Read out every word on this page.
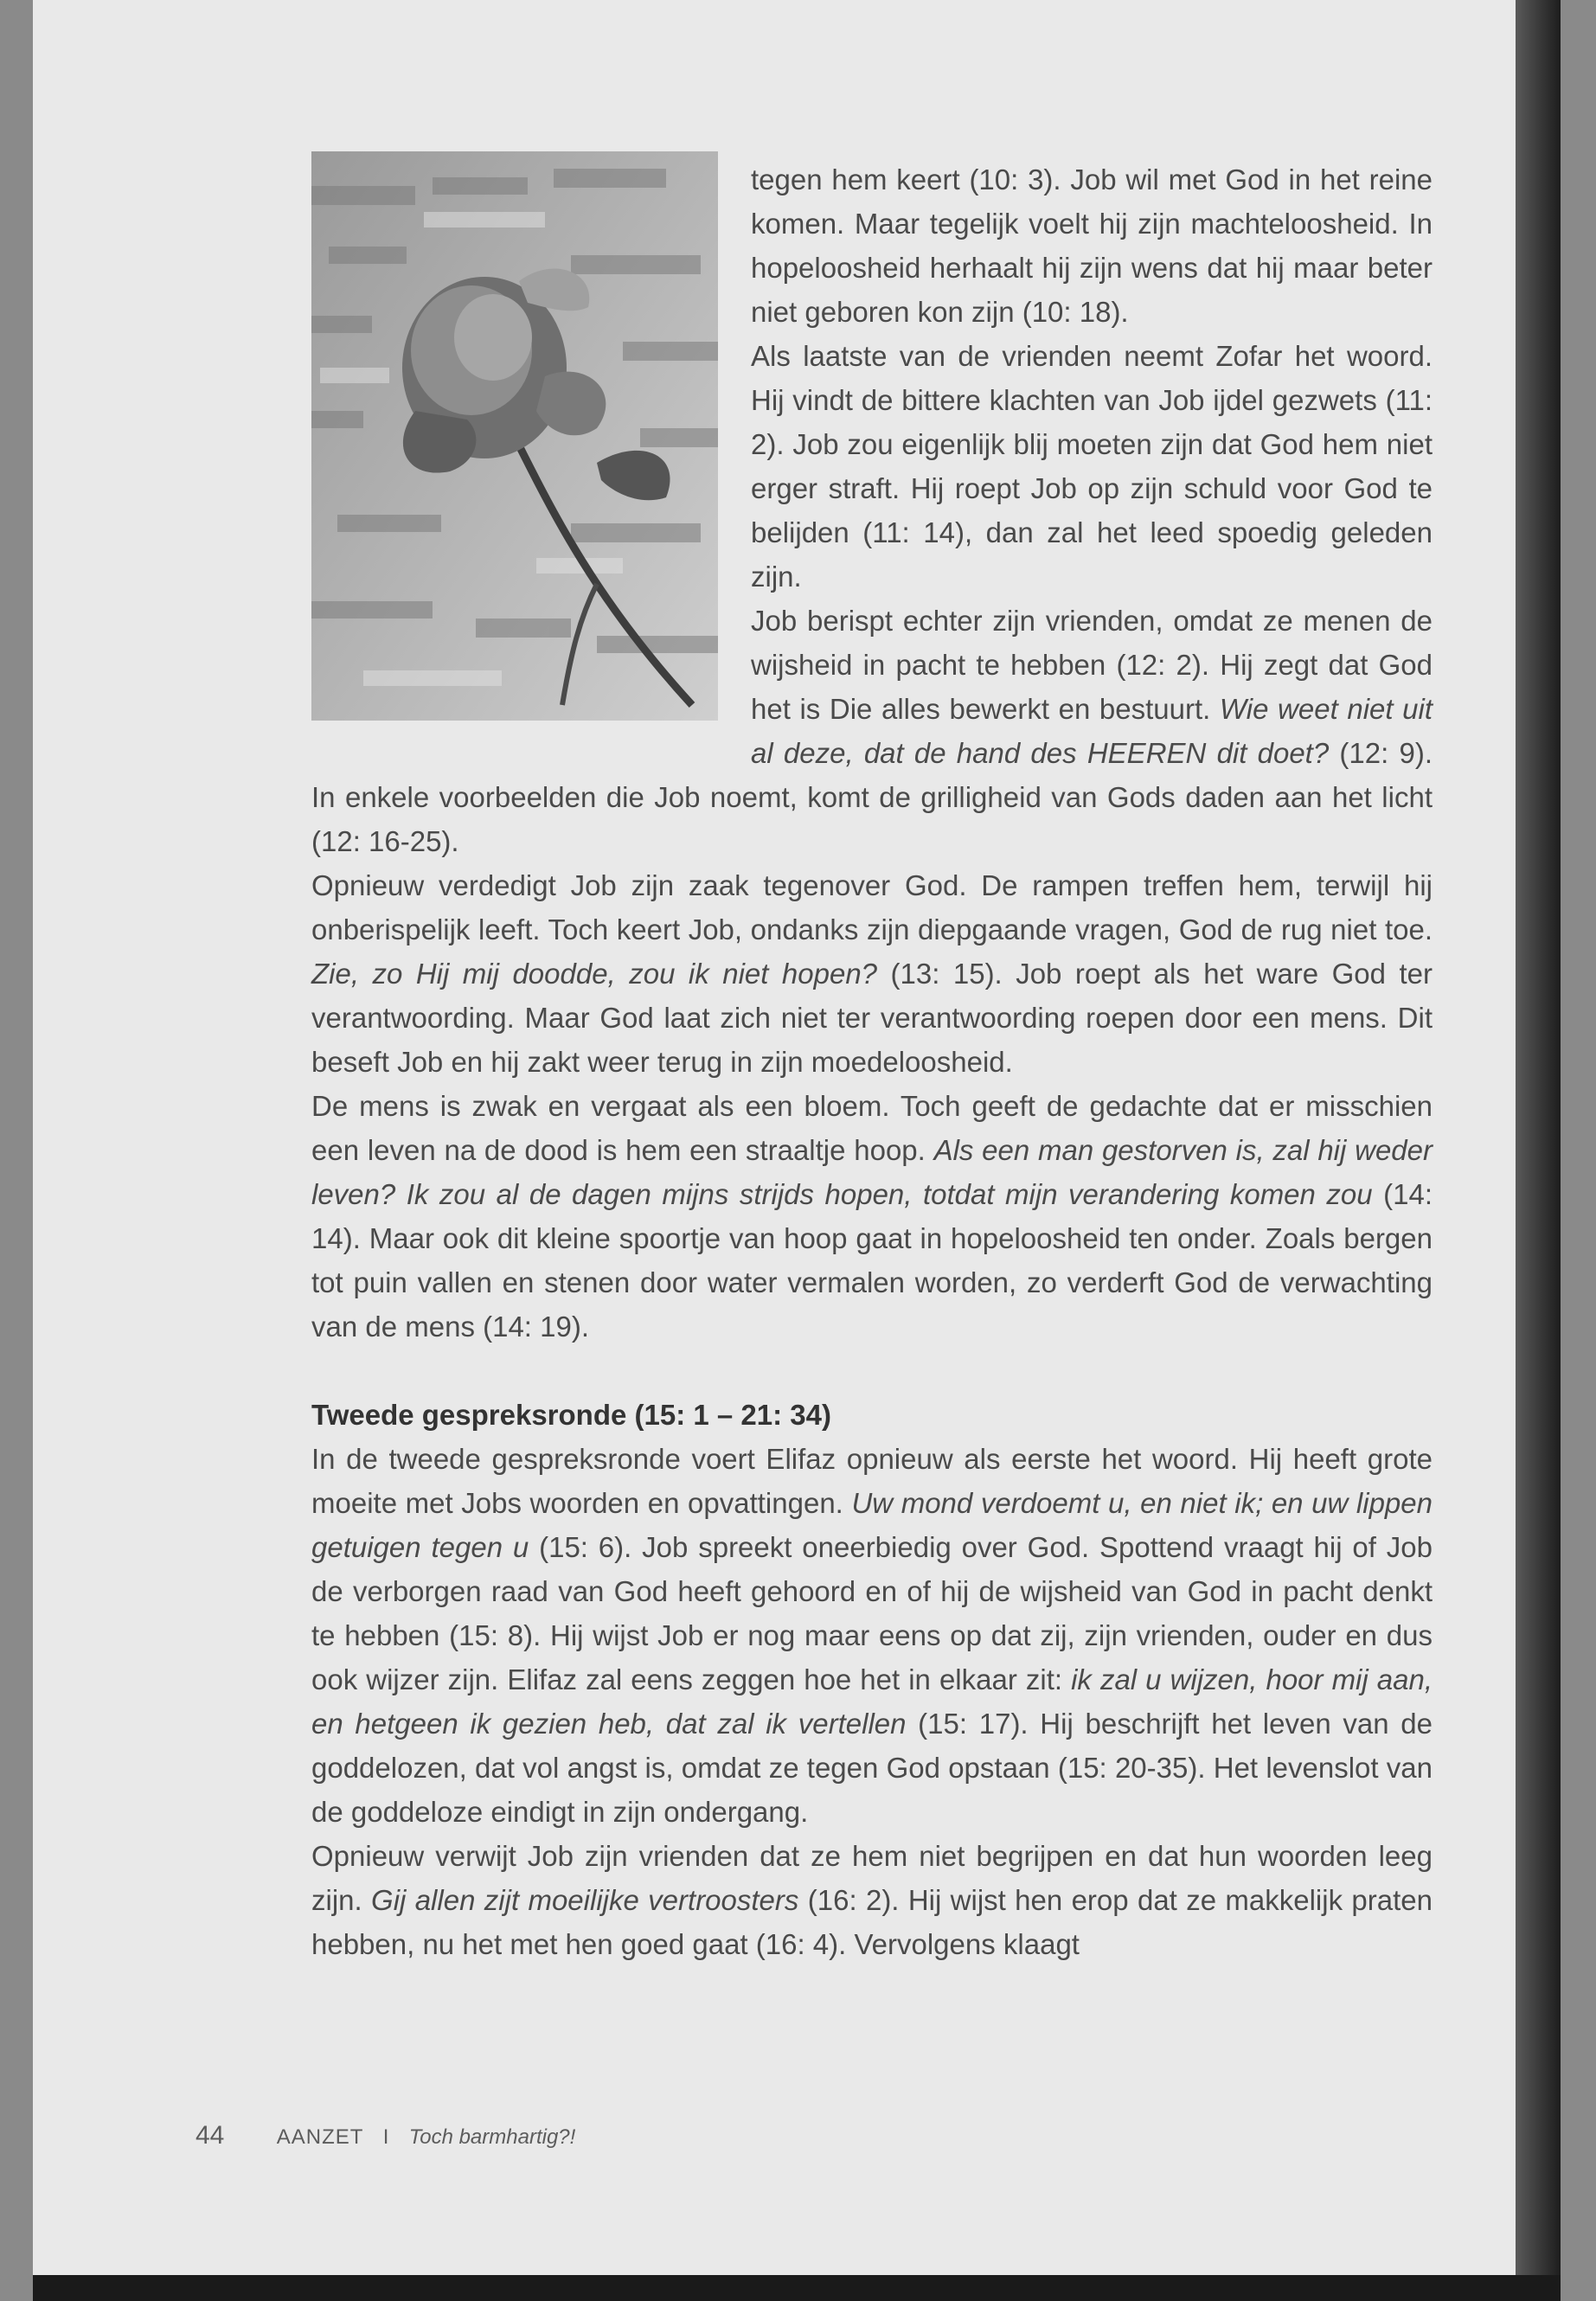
tegen hem keert (10: 3). Job wil met God in het reine komen. Maar tegelijk voelt hij zijn machteloosheid. In hopeloosheid herhaalt hij zijn wens dat hij maar beter niet geboren kon zijn (10: 18).

Als laatste van de vrienden neemt Zofar het woord. Hij vindt de bittere klachten van Job ijdel gezwets (11: 2). Job zou eigenlijk blij moeten zijn dat God hem niet erger straft. Hij roept Job op zijn schuld voor God te belijden (11: 14), dan zal het leed spoedig geleden zijn.

Job berispt echter zijn vrienden, omdat ze menen de wijsheid in pacht te hebben (12: 2). Hij zegt dat God het is Die alles bewerkt en bestuurt. Wie weet niet uit al deze, dat de hand des HEEREN dit doet? (12: 9). In enkele voorbeelden die Job noemt, komt de grilligheid van Gods daden aan het licht (12: 16-25).

Opnieuw verdedigt Job zijn zaak tegenover God. De rampen treffen hem, terwijl hij onberispelijk leeft. Toch keert Job, ondanks zijn diepgaande vragen, God de rug niet toe. Zie, zo Hij mij doodde, zou ik niet hopen? (13: 15). Job roept als het ware God ter verantwoording. Maar God laat zich niet ter verantwoording roepen door een mens. Dit beseft Job en hij zakt weer terug in zijn moedeloosheid.

De mens is zwak en vergaat als een bloem. Toch geeft de gedachte dat er misschien een leven na de dood is hem een straaltje hoop. Als een man gestorven is, zal hij weder leven? Ik zou al de dagen mijns strijds hopen, totdat mijn verandering komen zou (14: 14). Maar ook dit kleine spoortje van hoop gaat in hopeloosheid ten onder. Zoals bergen tot puin vallen en stenen door water vermalen worden, zo verderft God de verwachting van de mens (14: 19).

Tweede gespreksronde (15: 1 – 21: 34)

In de tweede gespreksronde voert Elifaz opnieuw als eerste het woord. Hij heeft grote moeite met Jobs woorden en opvattingen. Uw mond verdoemt u, en niet ik; en uw lippen getuigen tegen u (15: 6). Job spreekt oneerbiedig over God. Spottend vraagt hij of Job de verborgen raad van God heeft gehoord en of hij de wijsheid van God in pacht denkt te hebben (15: 8). Hij wijst Job er nog maar eens op dat zij, zijn vrienden, ouder en dus ook wijzer zijn. Elifaz zal eens zeggen hoe het in elkaar zit: ik zal u wijzen, hoor mij aan, en hetgeen ik gezien heb, dat zal ik vertellen (15: 17). Hij beschrijft het leven van de goddelozen, dat vol angst is, omdat ze tegen God opstaan (15: 20-35). Het levenslot van de goddeloze eindigt in zijn ondergang.

Opnieuw verwijt Job zijn vrienden dat ze hem niet begrijpen en dat hun woorden leeg zijn. Gij allen zijt moeilijke vertroosters (16: 2). Hij wijst hen erop dat ze makkelijk praten hebben, nu het met hen goed gaat (16: 4). Vervolgens klaagt

44	AANZET I Toch barmhartig?!
